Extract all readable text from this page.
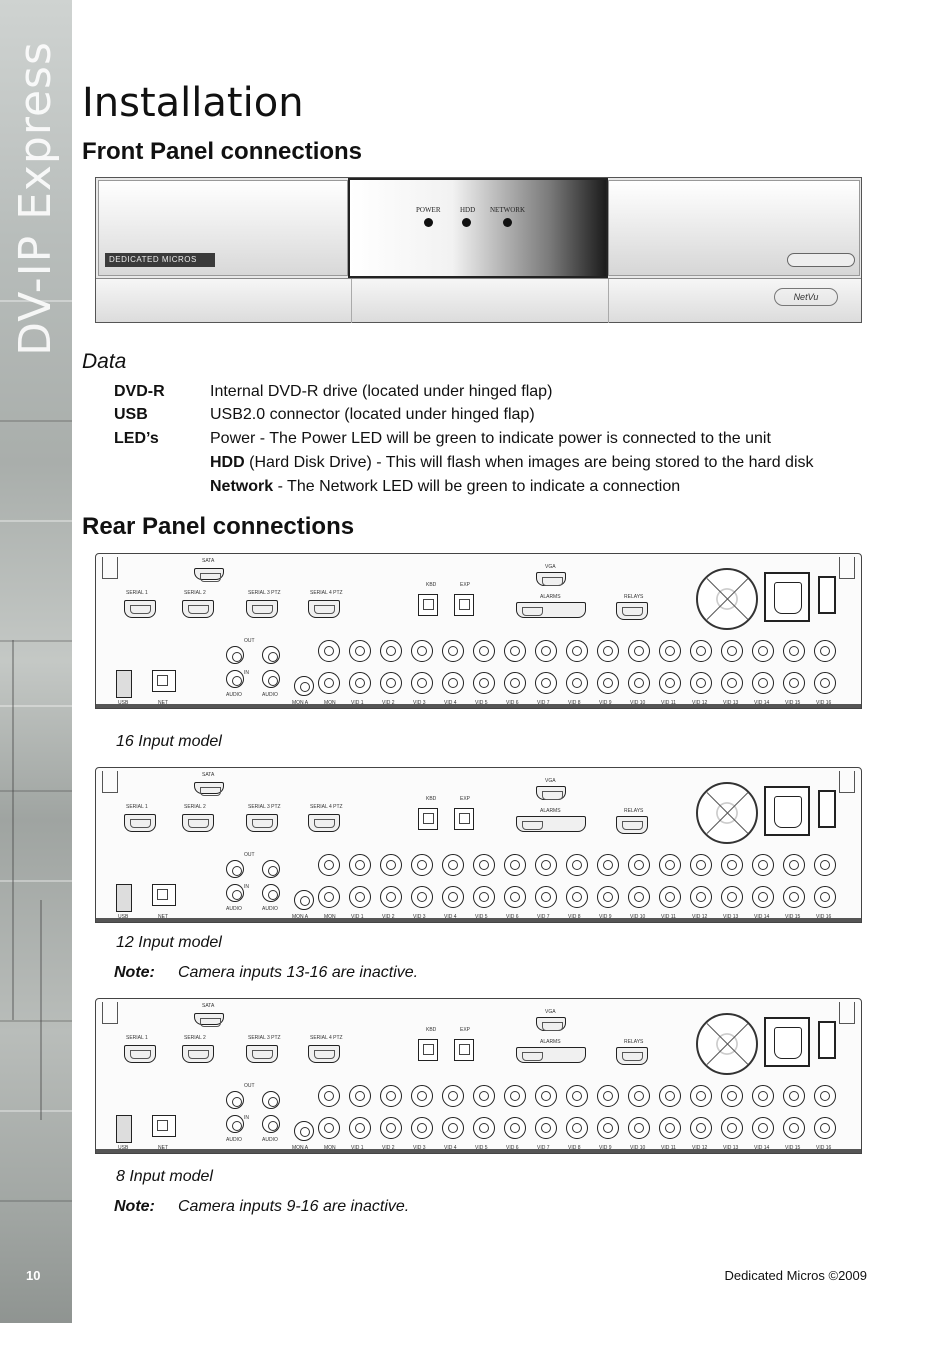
DV-IP Express
10
Installation
Front Panel connections
DEDICATED MICROS
POWER	HDD NETWORK
NetVu
Data
DVD-R	Internal DVD-R drive (located under hinged flap)
USB	USB2.0 connector (located under hinged flap)
LED’s	Power - The Power LED will be green to indicate power is connected to the unit
HDD (Hard Disk Drive) - This will flash when images are being stored to the hard disk
Network - The Network LED will be green to indicate a connection
Rear Panel connections
SATA
SERIAL 1	SERIAL 2	SERIAL 3 PTZ	SERIAL 4 PTZ
KBD	EXP
VGA
ALARMS	RELAYS
USB	NET
OUT
IN
AUDIO	AUDIO
MON A	MON	VID 1	VID 2	VID 3	VID 4	VID 5	VID 6	VID 7	VID 8	VID 9	VID 10	VID 11	VID 12	VID 13	VID 14	VID 15	VID 16
SATA
SERIAL 1	SERIAL 2	SERIAL 3 PTZ	SERIAL 4 PTZ
KBD	EXP
VGA
ALARMS	RELAYS
USB	NET
OUT
IN
AUDIO	AUDIO
MON A	MON	VID 1	VID 2	VID 3	VID 4	VID 5	VID 6	VID 7	VID 8	VID 9	VID 10	VID 11	VID 12	VID 13	VID 14	VID 15	VID 16
SATA
SERIAL 1	SERIAL 2	SERIAL 3 PTZ	SERIAL 4 PTZ
KBD	EXP
VGA
ALARMS	RELAYS
USB	NET
OUT
IN
AUDIO	AUDIO
MON A	MON	VID 1	VID 2	VID 3	VID 4	VID 5	VID 6	VID 7	VID 8	VID 9	VID 10	VID 11	VID 12	VID 13	VID 14	VID 15	VID 16
16 Input model
12 Input model
Note: Camera inputs 13-16 are inactive.
8 Input model
Note: Camera inputs 9-16 are inactive.
Dedicated Micros ©2009
